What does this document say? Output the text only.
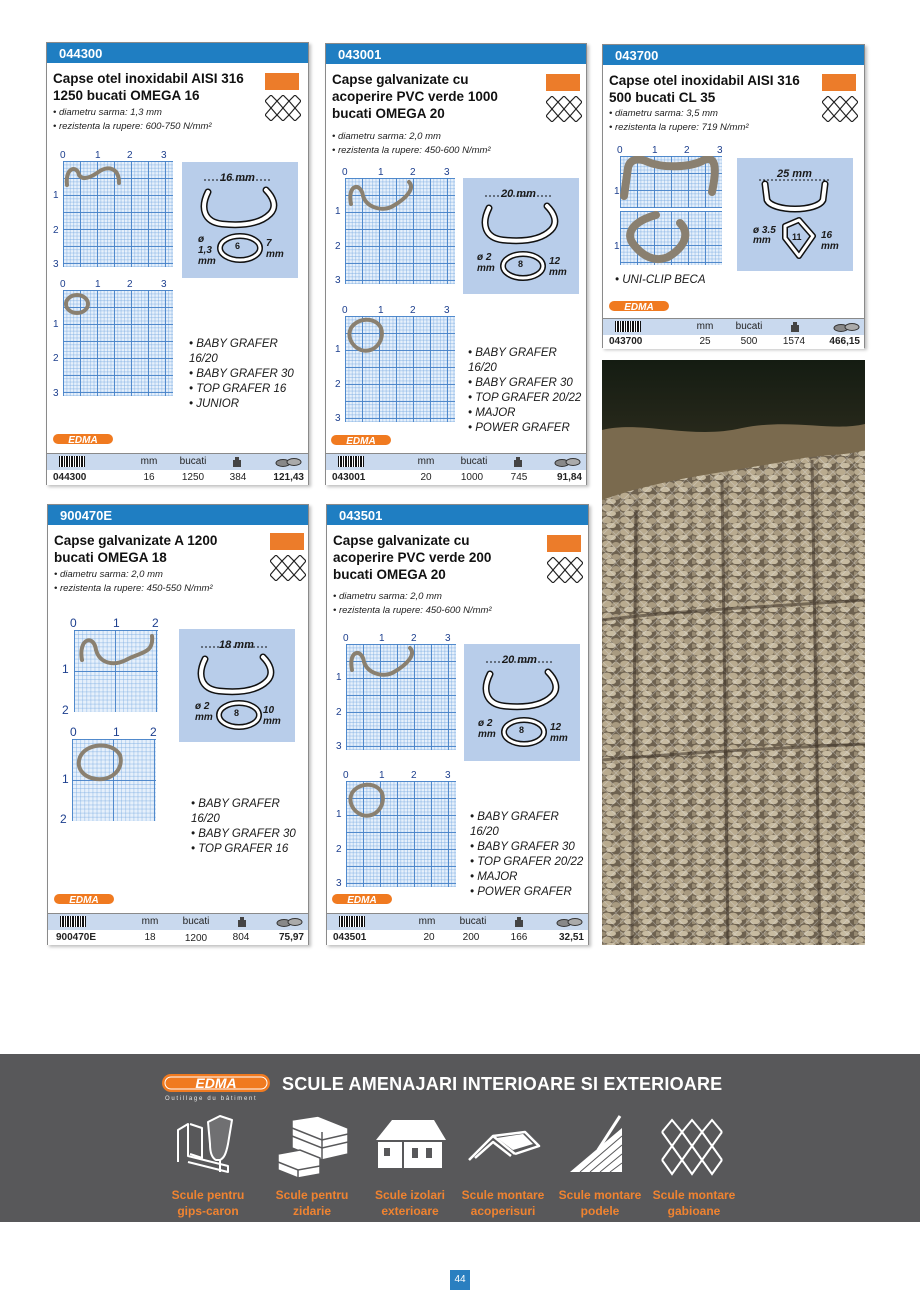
044300
Capse otel inoxidabil AISI 316 1250 bucati OMEGA 16
• diametru sarma: 1,3 mm
• rezistenta la rupere: 600-750 N/mm²
0	1	2	3
1
2
3
0	1	2	3
1
2
3
16 mm
ø 1,3 mm
6	7 mm
• BABY GRAFER 16/20
• BABY GRAFER 30
• TOP GRAFER 16
• JUNIOR
EDMA
mm	bucati
044300	16	1250	384	121,43
043001
Capse galvanizate cu acoperire PVC verde 1000 bucati OMEGA 20
• diametru sarma: 2,0 mm
• rezistenta la rupere: 450-600 N/mm²
0	1	2	3
1
2
3
0	1	2	3
1
2
3
20 mm
ø 2 mm	8	12 mm
• BABY GRAFER 16/20
• BABY GRAFER 30
• TOP GRAFER 20/22
• MAJOR
• POWER GRAFER
EDMA
mm	bucati
043001	20	1000	745	91,84
043700
Capse otel inoxidabil AISI 316 500 bucati CL 35
• diametru sarma: 3,5 mm
• rezistenta la rupere: 719 N/mm²
0	1	2	3
1
1
25 mm
ø 3.5 mm	11 16 mm
• UNI-CLIP BECA
EDMA
mm	bucati
043700	25	500	1574	466,15
900470E
Capse galvanizate A 1200 bucati OMEGA 18
• diametru sarma: 2,0 mm
• rezistenta la rupere: 450-550 N/mm²
0	1	2
1
2
0	1	2
1
2
18 mm
ø 2 mm	8 10 mm
• BABY GRAFER 16/20
• BABY GRAFER 30
• TOP GRAFER 16
EDMA
mm	bucati
900470E	18	1200	804	75,97
043501
Capse galvanizate cu acoperire PVC verde 200 bucati OMEGA 20
• diametru sarma: 2,0 mm
• rezistenta la rupere: 450-600 N/mm²
0	1	2	3
1
2
3
0	1	2	3
1
2
3
20 mm
ø 2 mm	8	12 mm
• BABY GRAFER 16/20
• BABY GRAFER 30
• TOP GRAFER 20/22
• MAJOR
• POWER GRAFER
EDMA
mm	bucati
043501	20	200	166	32,51
EDMA
Outillage du bâtiment
SCULE AMENAJARI INTERIOARE SI EXTERIOARE
Scule pentru
gips-caron
Scule pentru
zidarie
Scule izolari
exterioare
Scule montare
acoperisuri
Scule montare
podele
Scule montare
gabioane
44
